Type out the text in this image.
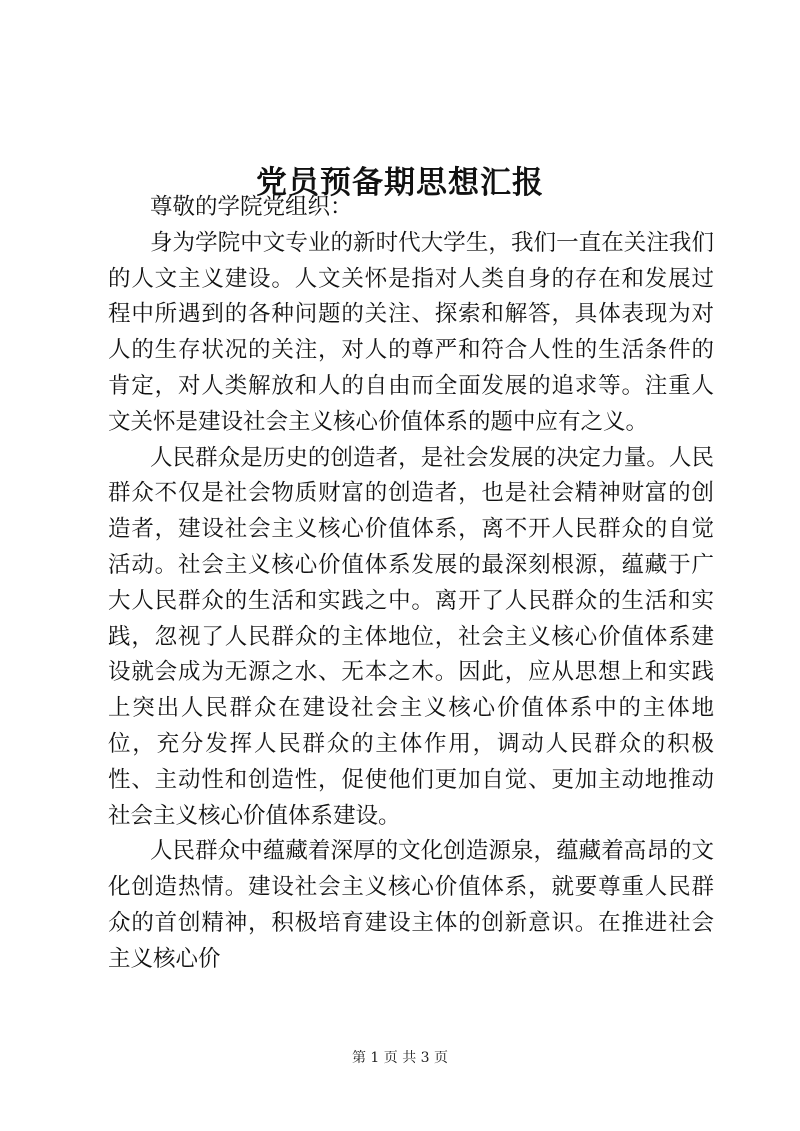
党员预备期思想汇报

尊敬的学院党组织：

身为学院中文专业的新时代大学生，我们一直在关注我们的人文主义建设。人文关怀是指对人类自身的存在和发展过程中所遇到的各种问题的关注、探索和解答，具体表现为对人的生存状况的关注，对人的尊严和符合人性的生活条件的肯定，对人类解放和人的自由而全面发展的追求等。注重人文关怀是建设社会主义核心价值体系的题中应有之义。

人民群众是历史的创造者，是社会发展的决定力量。人民群众不仅是社会物质财富的创造者，也是社会精神财富的创造者，建设社会主义核心价值体系，离不开人民群众的自觉活动。社会主义核心价值体系发展的最深刻根源，蕴藏于广大人民群众的生活和实践之中。离开了人民群众的生活和实践，忽视了人民群众的主体地位，社会主义核心价值体系建设就会成为无源之水、无本之木。因此，应从思想上和实践上突出人民群众在建设社会主义核心价值体系中的主体地位，充分发挥人民群众的主体作用，调动人民群众的积极性、主动性和创造性，促使他们更加自觉、更加主动地推动社会主义核心价值体系建设。

人民群众中蕴藏着深厚的文化创造源泉，蕴藏着高昂的文化创造热情。建设社会主义核心价值体系，就要尊重人民群众的首创精神，积极培育建设主体的创新意识。在推进社会主义核心价

第 1 页 共 3 页
